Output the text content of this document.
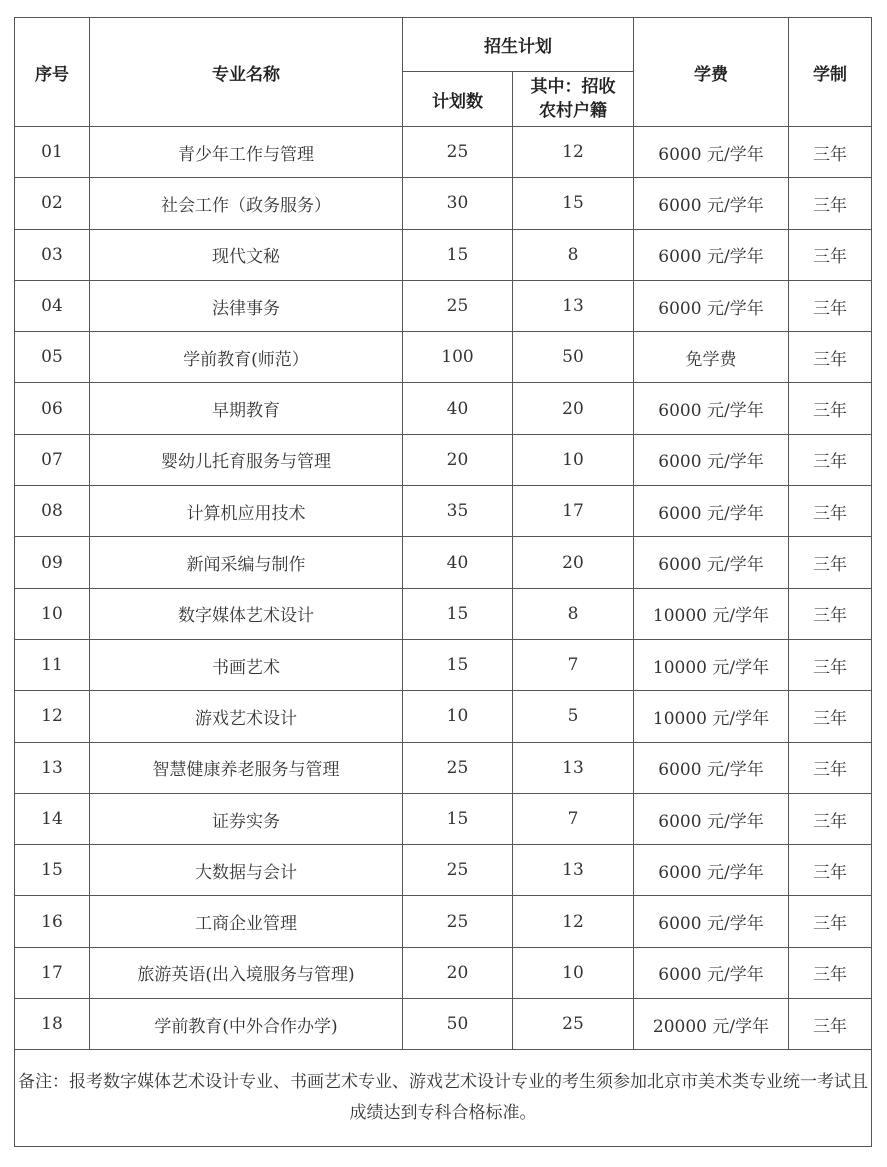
序号	专业名称	招生计划		学费	学制
		计划数	其中：招收
农村户籍		

01	青少年工作与管理	25	12	6000 元/学年	三年
02	社会工作（政务服务）	30	15	6000 元/学年	三年
03	现代文秘	15	8	6000 元/学年	三年
04	法律事务	25	13	6000 元/学年	三年
05	学前教育(师范）	100	50	免学费	三年
06	早期教育	40	20	6000 元/学年	三年
07	婴幼儿托育服务与管理	20	10	6000 元/学年	三年
08	计算机应用技术	35	17	6000 元/学年	三年
09	新闻采编与制作	40	20	6000 元/学年	三年
10	数字媒体艺术设计	15	8	10000 元/学年	三年
11	书画艺术	15	7	10000 元/学年	三年
12	游戏艺术设计	10	5	10000 元/学年	三年
13	智慧健康养老服务与管理	25	13	6000 元/学年	三年
14	证券实务	15	7	6000 元/学年	三年
15	大数据与会计	25	13	6000 元/学年	三年
16	工商企业管理	25	12	6000 元/学年	三年
17	旅游英语(出入境服务与管理)	20	10	6000 元/学年	三年
18	学前教育(中外合作办学)	50	25	20000 元/学年	三年
备注：报考数字媒体艺术设计专业、书画艺术专业、游戏艺术设计专业的考生须参加北京市美术类专业统一考试且成绩达到专科合格标准。					
